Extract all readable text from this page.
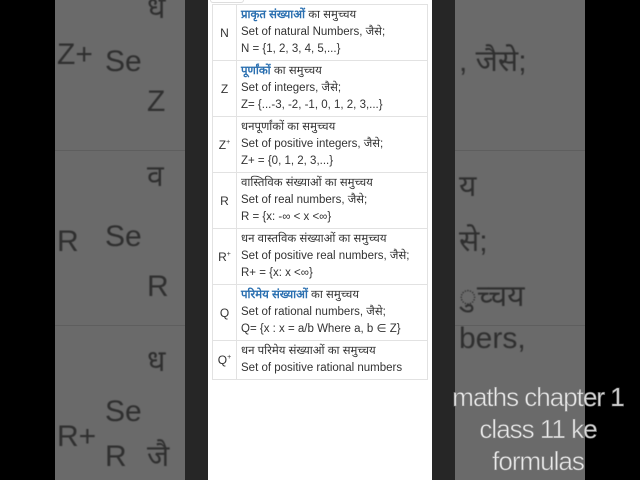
ध
Z+ Se
Z
व
R Se
R
ध
R+
Se
जै
R
, जैसे;
य
से;
ुच्चय
bers,
N	प्राकृत संख्याओं का समुच्चय
Set of natural Numbers, जैसे;
N = {1, 2, 3, 4, 5,...}

Z	पूर्णांकों का समुच्चय
Set of integers, जैसे;
Z= {...-3, -2, -1, 0, 1, 2, 3,...}

Z+	धनपूर्णांकों का समुच्चय
Set of positive integers, जैसे;
Z+ = {0, 1, 2, 3,...}

R	वास्तिविक संख्याओं का समुच्चय
Set of real numbers, जैसे;
R = {x: -∞ < x <∞}

R+	धन वास्तविक संख्याओं का समुच्चय
Set of positive real numbers, जैसे;
R+ = {x: x <∞}

Q	परिमेय संख्याओं का समुच्चय
Set of rational numbers, जैसे;
Q= {x : x = a/b Where a, b ∈ Z}

Q+	धन परिमेय संख्याओं का समुच्चय
Set of positive rational numbers
maths chapter 1
class 11 ke
formulas
